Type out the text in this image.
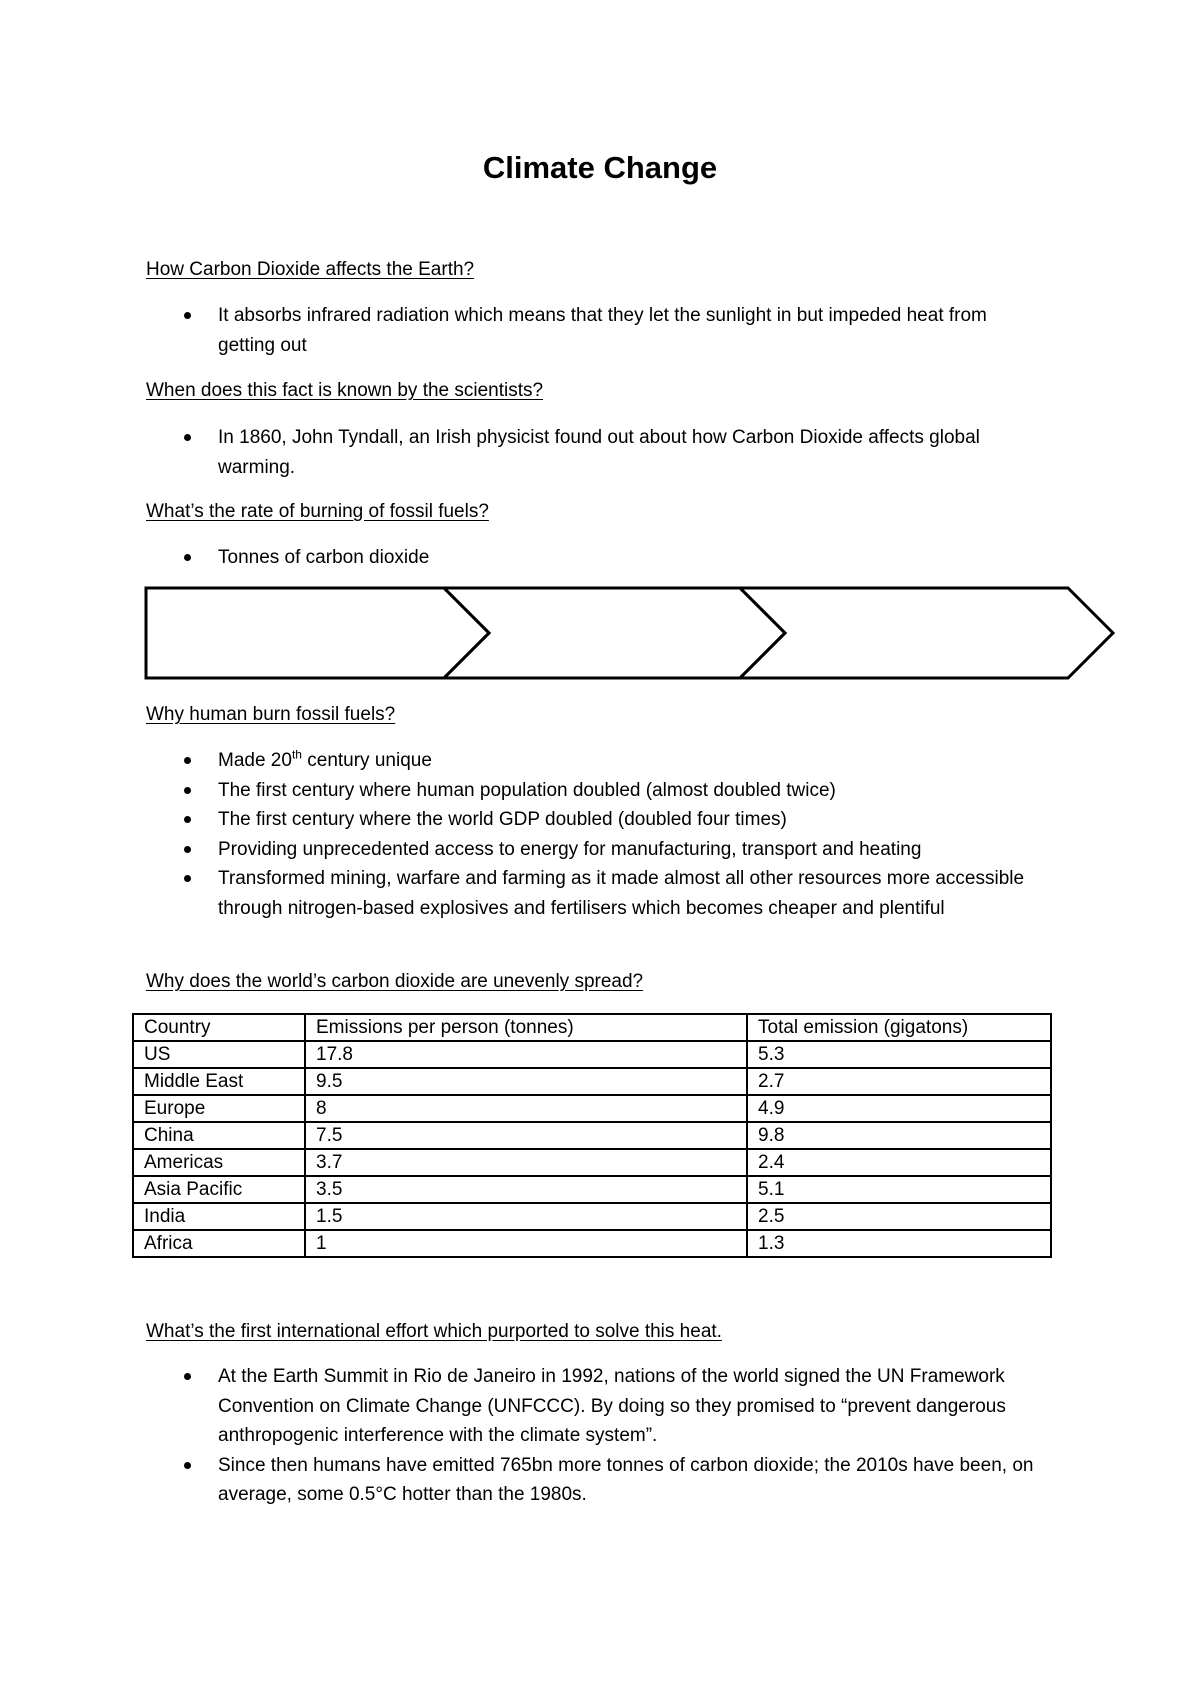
Climate Change
How Carbon Dioxide affects the Earth?
It absorbs infrared radiation which means that they let the sunlight in but impeded heat from getting out
When does this fact is known by the scientists?
In 1860, John Tyndall, an Irish physicist found out about how Carbon Dioxide affects global warming.
What’s the rate of burning of fossil fuels?
Tonnes of carbon dioxide
Why human burn fossil fuels?
Made 20th century unique
The first century where human population doubled (almost doubled twice)
The first century where the world GDP doubled (doubled four times)
Providing unprecedented access to energy for manufacturing, transport and heating
Transformed mining, warfare and farming as it made almost all other resources more accessible through nitrogen-based explosives and fertilisers which becomes cheaper and plentiful
Why does the world’s carbon dioxide are unevenly spread?
Country	Emissions per person (tonnes)	Total emission (gigatons)
US	17.8	5.3
Middle East	9.5	2.7
Europe	8	4.9
China	7.5	9.8
Americas	3.7	2.4
Asia Pacific	3.5	5.1
India	1.5	2.5
Africa	1	1.3
What’s the first international effort which purported to solve this heat.
At the Earth Summit in Rio de Janeiro in 1992, nations of the world signed the UN Framework Convention on Climate Change (UNFCCC). By doing so they promised to “prevent dangerous anthropogenic interference with the climate system”.
Since then humans have emitted 765bn more tonnes of carbon dioxide; the 2010s have been, on average, some 0.5°C hotter than the 1980s.
